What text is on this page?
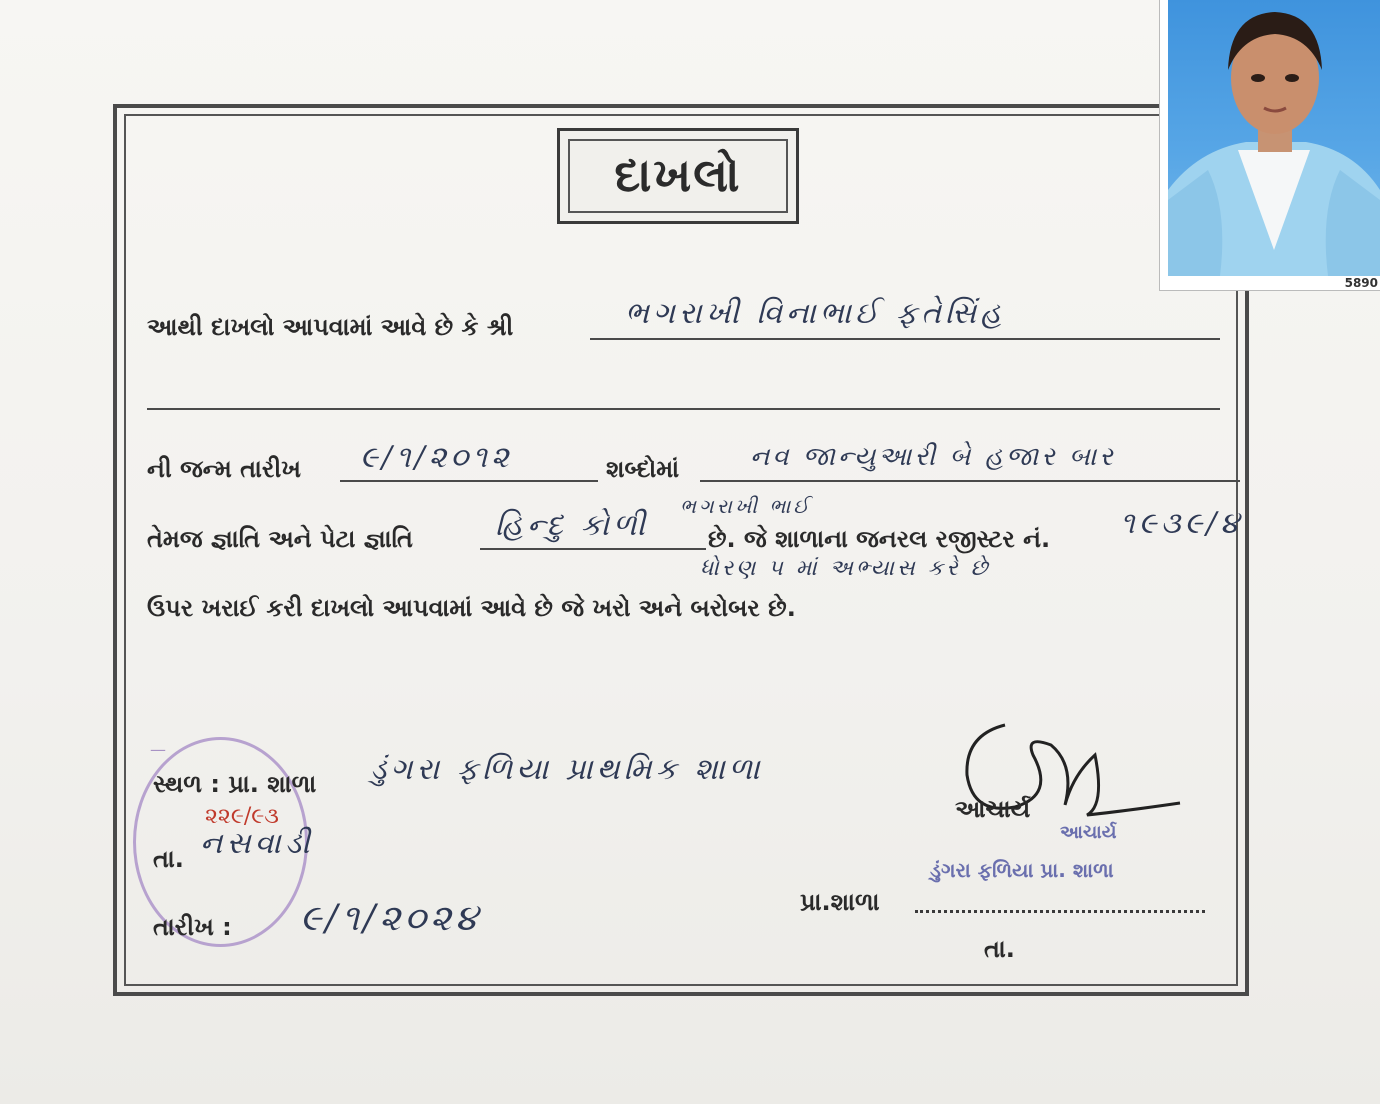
દાખલો
5890
આથી દાખલો આપવામાં આવે છે કે શ્રી	ભગરાખી વિનાભાઈ ફતેસિંહ
ની જન્મ તારીખ ૯/૧/૨૦૧૨	શબ્દોમાં	નવ જાન્યુઆરી બે હજાર બાર
તેમજ જ્ઞાતિ અને પેટા જ્ઞાતિ	હિન્દુ કોળી
ભગરાખી ભાઈ
છે. જે શાળાના જનરલ રજીસ્ટર નં. ૧૯૩૯/૪
ધોરણ ૫ માં અભ્યાસ કરે છે
ઉપર ખરાઈ કરી દાખલો આપવામાં આવે છે જે ખરો અને બરોબર છે.
—
૨૨૯/૯૩
સ્થળ : પ્રા. શાળા ડુંગરા ફળિયા પ્રાથમિક શાળા
તા. નસવાડી
તારીખ : ૯/૧/૨૦૨૪
આચાર્ય
આચાર્ય
ડુંગરા ફળિયા પ્રા. શાળા
પ્રા.શાળા
તા.
